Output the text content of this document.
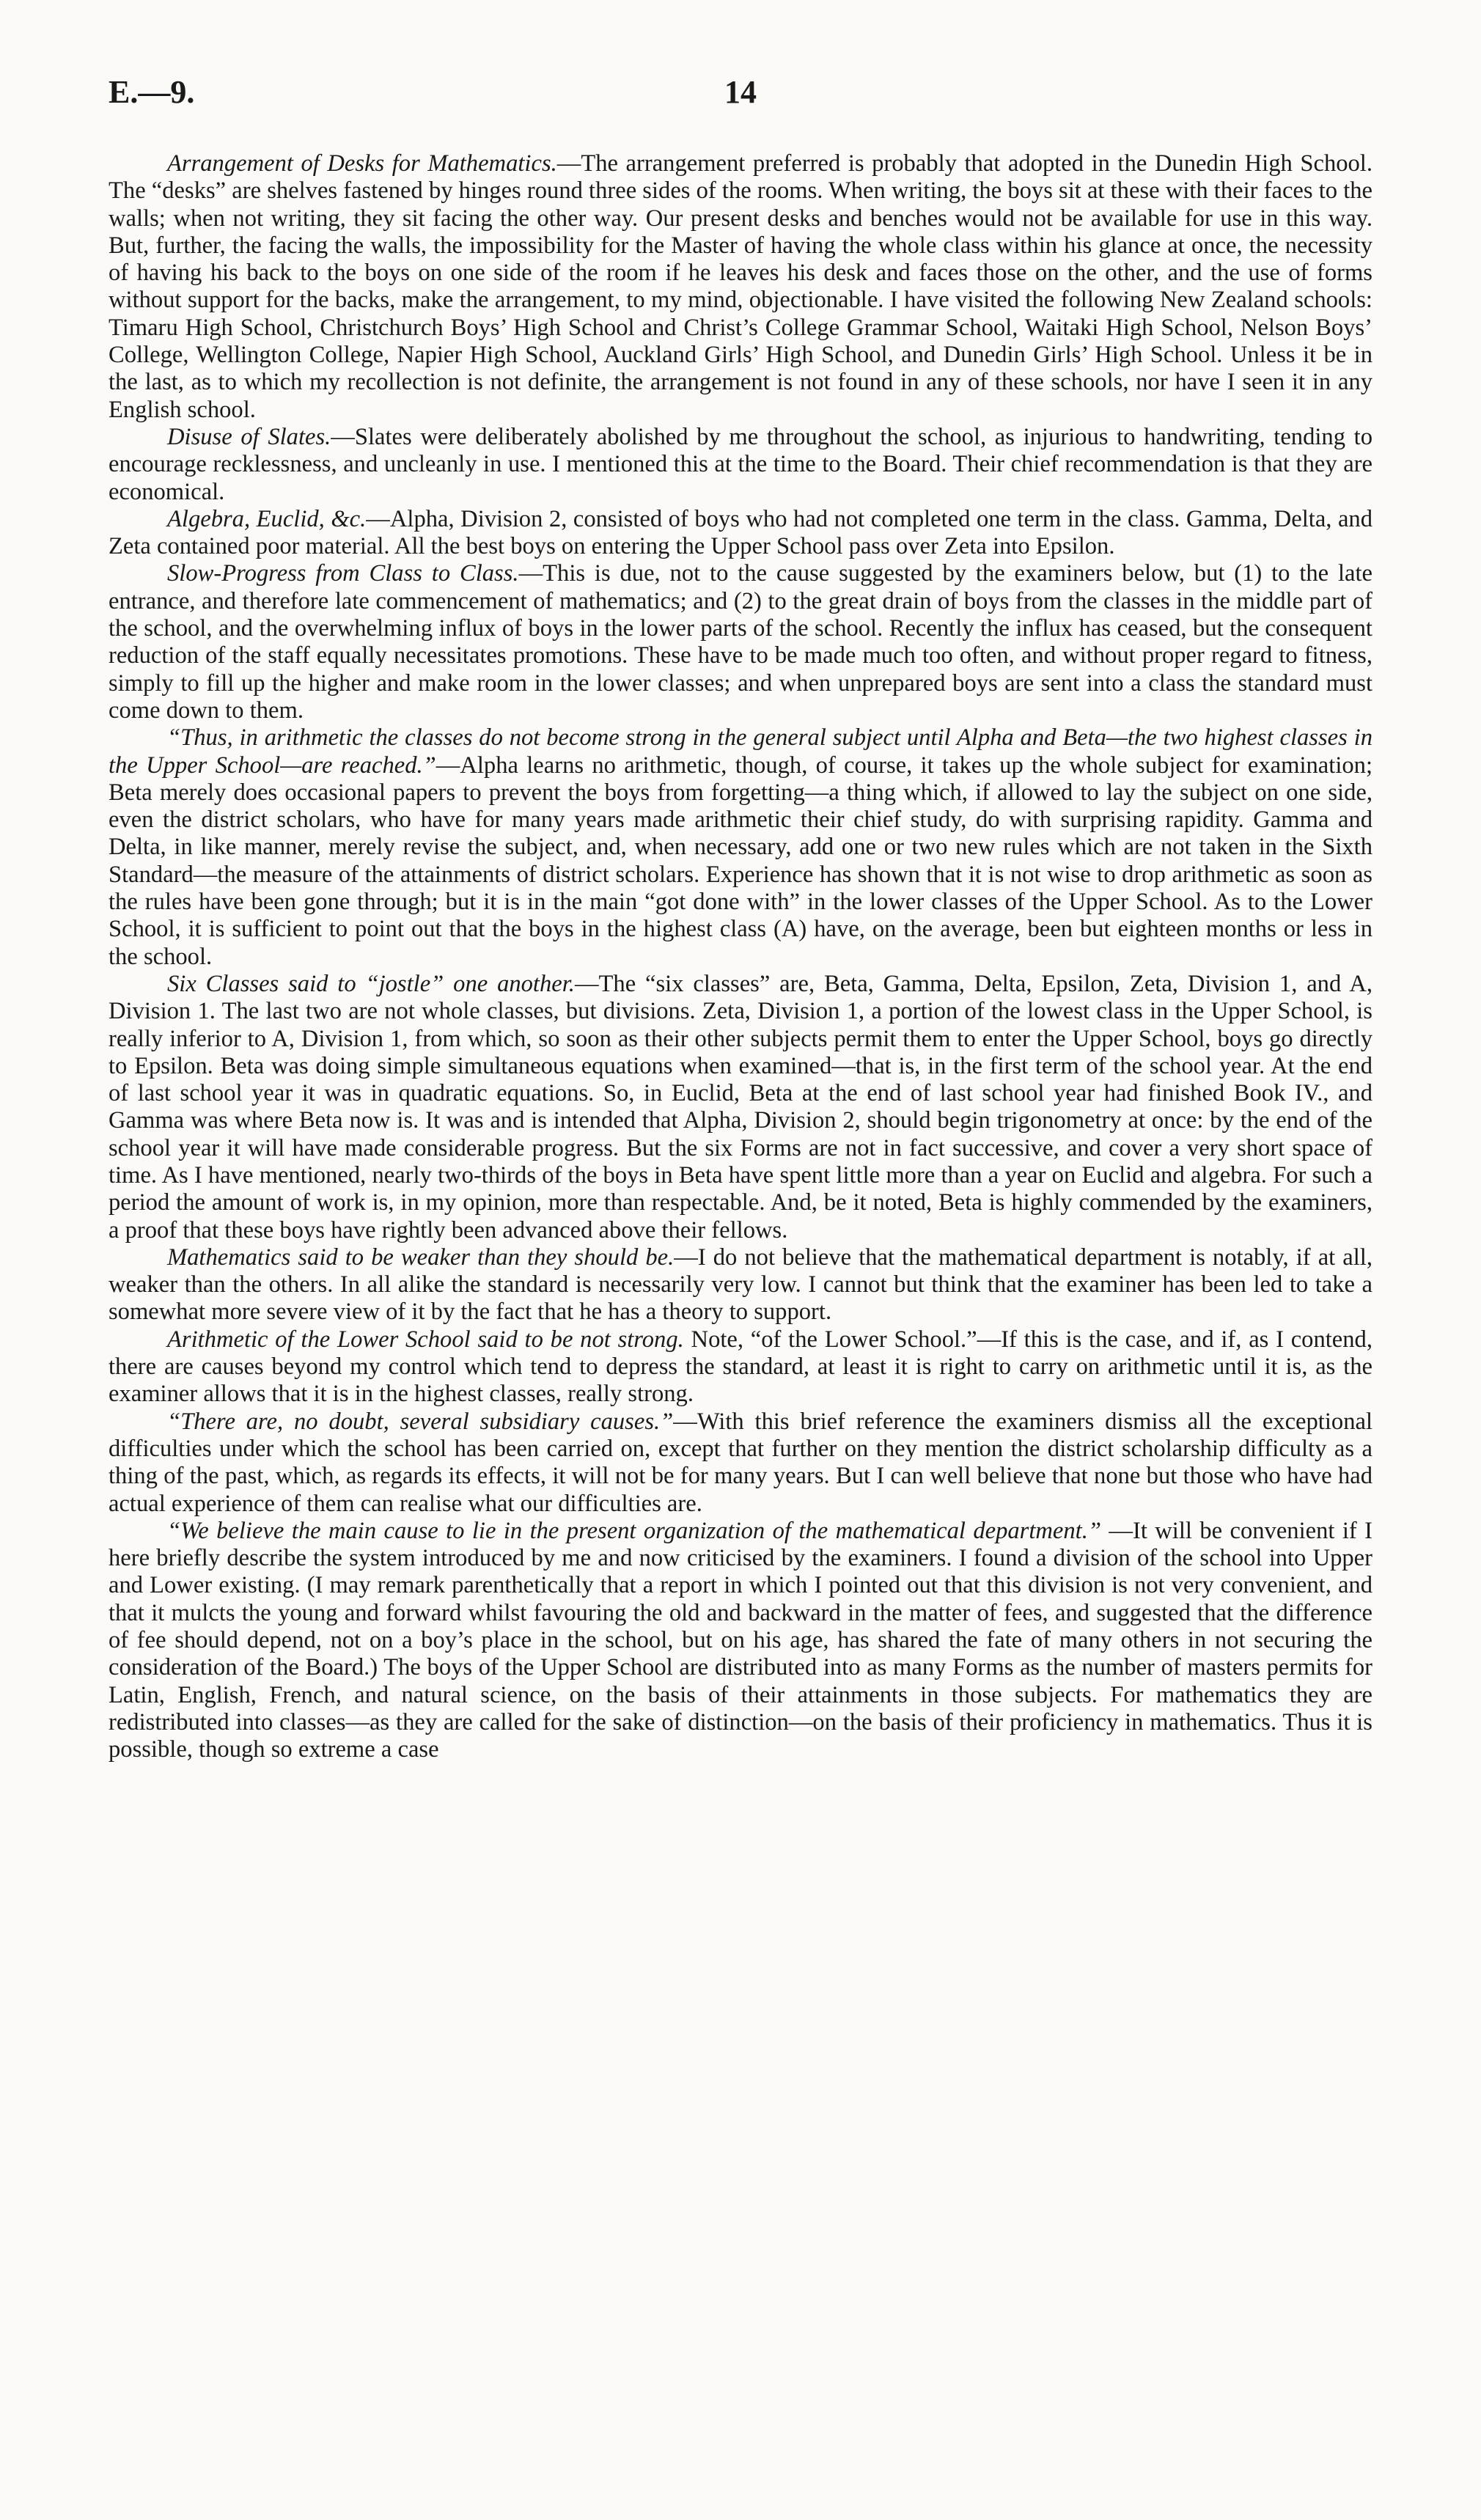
E.—9.	14

Arrangement of Desks for Mathematics.—The arrangement preferred is probably that adopted in the Dunedin High School. The “desks” are shelves fastened by hinges round three sides of the rooms. When writing, the boys sit at these with their faces to the walls; when not writing, they sit facing the other way. Our present desks and benches would not be available for use in this way. But, further, the facing the walls, the impossibility for the Master of having the whole class within his glance at once, the necessity of having his back to the boys on one side of the room if he leaves his desk and faces those on the other, and the use of forms without support for the backs, make the arrangement, to my mind, objectionable. I have visited the following New Zealand schools: Timaru High School, Christchurch Boys’ High School and Christ’s College Grammar School, Waitaki High School, Nelson Boys’ College, Wellington College, Napier High School, Auckland Girls’ High School, and Dunedin Girls’ High School. Unless it be in the last, as to which my recollection is not definite, the arrangement is not found in any of these schools, nor have I seen it in any English school.

Disuse of Slates.—Slates were deliberately abolished by me throughout the school, as injurious to handwriting, tending to encourage recklessness, and uncleanly in use. I mentioned this at the time to the Board. Their chief recommendation is that they are economical.

Algebra, Euclid, &c.—Alpha, Division 2, consisted of boys who had not completed one term in the class. Gamma, Delta, and Zeta contained poor material. All the best boys on entering the Upper School pass over Zeta into Epsilon.

Slow-Progress from Class to Class.—This is due, not to the cause suggested by the examiners below, but (1) to the late entrance, and therefore late commencement of mathematics; and (2) to the great drain of boys from the classes in the middle part of the school, and the overwhelming influx of boys in the lower parts of the school. Recently the influx has ceased, but the consequent reduction of the staff equally necessitates promotions. These have to be made much too often, and without proper regard to fitness, simply to fill up the higher and make room in the lower classes; and when unprepared boys are sent into a class the standard must come down to them.

“Thus, in arithmetic the classes do not become strong in the general subject until Alpha and Beta—the two highest classes in the Upper School—are reached.”—Alpha learns no arithmetic, though, of course, it takes up the whole subject for examination; Beta merely does occasional papers to prevent the boys from forgetting—a thing which, if allowed to lay the subject on one side, even the district scholars, who have for many years made arithmetic their chief study, do with surprising rapidity. Gamma and Delta, in like manner, merely revise the subject, and, when necessary, add one or two new rules which are not taken in the Sixth Standard—the measure of the attainments of district scholars. Experience has shown that it is not wise to drop arithmetic as soon as the rules have been gone through; but it is in the main “got done with” in the lower classes of the Upper School. As to the Lower School, it is sufficient to point out that the boys in the highest class (A) have, on the average, been but eighteen months or less in the school.

Six Classes said to “jostle” one another.—The “six classes” are, Beta, Gamma, Delta, Epsilon, Zeta, Division 1, and A, Division 1. The last two are not whole classes, but divisions. Zeta, Division 1, a portion of the lowest class in the Upper School, is really inferior to A, Division 1, from which, so soon as their other subjects permit them to enter the Upper School, boys go directly to Epsilon. Beta was doing simple simultaneous equations when examined—that is, in the first term of the school year. At the end of last school year it was in quadratic equations. So, in Euclid, Beta at the end of last school year had finished Book IV., and Gamma was where Beta now is. It was and is intended that Alpha, Division 2, should begin trigonometry at once: by the end of the school year it will have made considerable progress. But the six Forms are not in fact successive, and cover a very short space of time. As I have mentioned, nearly two-thirds of the boys in Beta have spent little more than a year on Euclid and algebra. For such a period the amount of work is, in my opinion, more than respectable. And, be it noted, Beta is highly commended by the examiners, a proof that these boys have rightly been advanced above their fellows.

Mathematics said to be weaker than they should be.—I do not believe that the mathematical department is notably, if at all, weaker than the others. In all alike the standard is necessarily very low. I cannot but think that the examiner has been led to take a somewhat more severe view of it by the fact that he has a theory to support.

Arithmetic of the Lower School said to be not strong. Note, “of the Lower School.”—If this is the case, and if, as I contend, there are causes beyond my control which tend to depress the standard, at least it is right to carry on arithmetic until it is, as the examiner allows that it is in the highest classes, really strong.

“There are, no doubt, several subsidiary causes.”—With this brief reference the examiners dismiss all the exceptional difficulties under which the school has been carried on, except that further on they mention the district scholarship difficulty as a thing of the past, which, as regards its effects, it will not be for many years. But I can well believe that none but those who have had actual experience of them can realise what our difficulties are.

“We believe the main cause to lie in the present organization of the mathematical department.” —It will be convenient if I here briefly describe the system introduced by me and now criticised by the examiners. I found a division of the school into Upper and Lower existing. (I may remark parenthetically that a report in which I pointed out that this division is not very convenient, and that it mulcts the young and forward whilst favouring the old and backward in the matter of fees, and suggested that the difference of fee should depend, not on a boy’s place in the school, but on his age, has shared the fate of many others in not securing the consideration of the Board.) The boys of the Upper School are distributed into as many Forms as the number of masters permits for Latin, English, French, and natural science, on the basis of their attainments in those subjects. For mathematics they are redistributed into classes—as they are called for the sake of distinction—on the basis of their proficiency in mathematics. Thus it is possible, though so extreme a case
